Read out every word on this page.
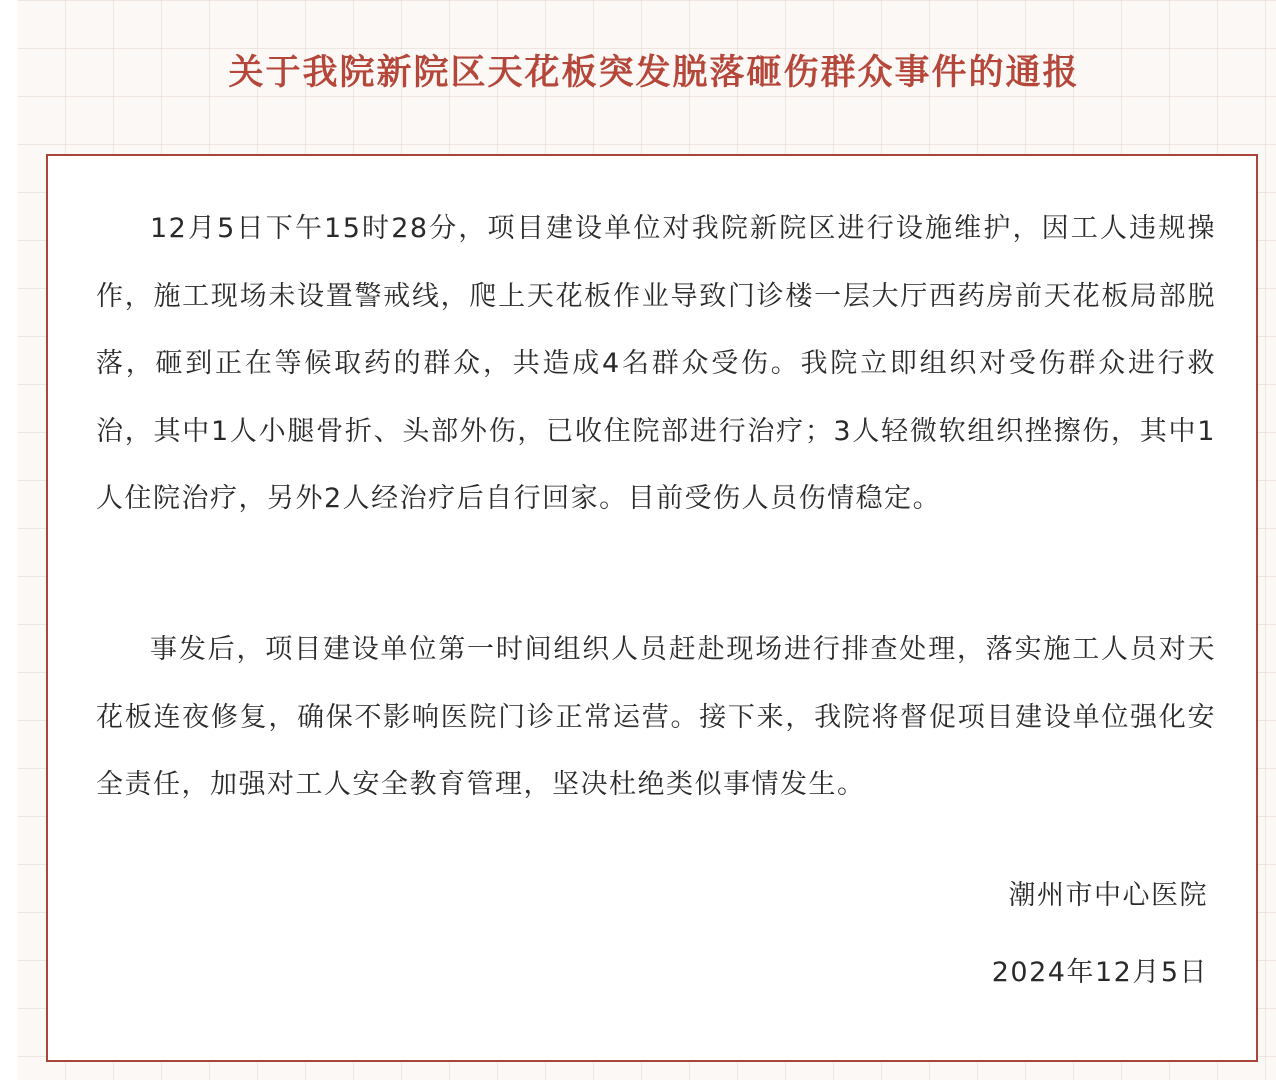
关于我院新院区天花板突发脱落砸伤群众事件的通报

12月5日下午15时28分，项目建设单位对我院新院区进行设施维护，因工人违规操作，施工现场未设置警戒线，爬上天花板作业导致门诊楼一层大厅西药房前天花板局部脱落，砸到正在等候取药的群众，共造成4名群众受伤。我院立即组织对受伤群众进行救治，其中1人小腿骨折、头部外伤，已收住院部进行治疗；3人轻微软组织挫擦伤，其中1人住院治疗，另外2人经治疗后自行回家。目前受伤人员伤情稳定。

事发后，项目建设单位第一时间组织人员赶赴现场进行排查处理，落实施工人员对天花板连夜修复，确保不影响医院门诊正常运营。接下来，我院将督促项目建设单位强化安全责任，加强对工人安全教育管理，坚决杜绝类似事情发生。

潮州市中心医院

2024年12月5日
